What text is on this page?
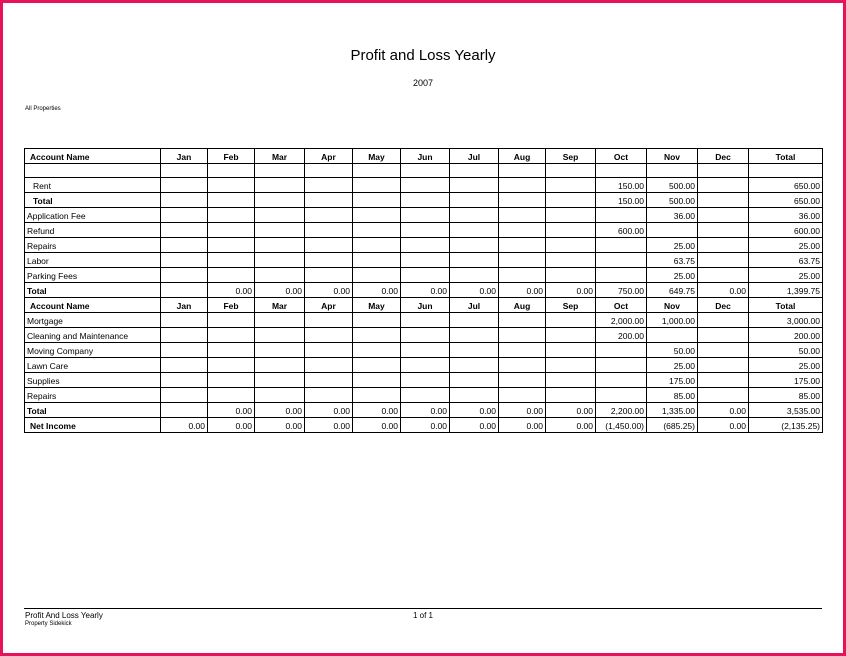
Profit and Loss Yearly
2007
All Properties
Account Name	Jan	Feb	Mar	Apr	May	Jun	Jul	Aug	Sep	Oct	Nov	Dec	Total

Rent										150.00	500.00		650.00
Total										150.00	500.00		650.00
Application Fee											36.00		36.00
Refund										600.00			600.00
Repairs											25.00		25.00
Labor											63.75		63.75
Parking Fees											25.00		25.00
Total		0.00	0.00	0.00	0.00	0.00	0.00	0.00	0.00	750.00	649.75	0.00	1,399.75
Account Name	Jan	Feb	Mar	Apr	May	Jun	Jul	Aug	Sep	Oct	Nov	Dec	Total
Mortgage										2,000.00	1,000.00		3,000.00
Cleaning and Maintenance										200.00			200.00
Moving Company											50.00		50.00
Lawn Care											25.00		25.00
Supplies											175.00		175.00
Repairs											85.00		85.00
Total		0.00	0.00	0.00	0.00	0.00	0.00	0.00	0.00	2,200.00	1,335.00	0.00	3,535.00
Net Income	0.00	0.00	0.00	0.00	0.00	0.00	0.00	0.00	0.00	(1,450.00)	(685.25)	0.00	(2,135.25)
Profit And Loss Yearly
Property Sidekick
1 of 1
